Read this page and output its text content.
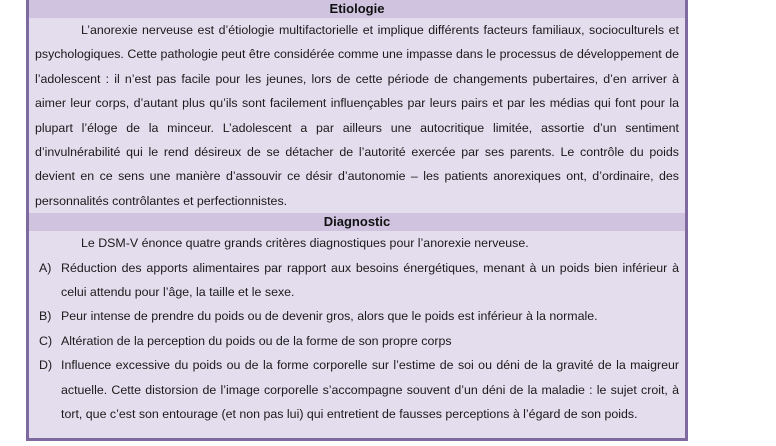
Etiologie

L’anorexie nerveuse est d’étiologie multifactorielle et implique différents facteurs familiaux, socioculturels et psychologiques. Cette pathologie peut être considérée comme une impasse dans le processus de développement de l’adolescent : il n’est pas facile pour les jeunes, lors de cette période de changements pubertaires, d’en arriver à aimer leur corps, d’autant plus qu’ils sont facilement influençables par leurs pairs et par les médias qui font pour la plupart l’éloge de la minceur. L’adolescent a par ailleurs une autocritique limitée, assortie d’un sentiment d’invulnérabilité qui le rend désireux de se détacher de l’autorité exercée par ses parents. Le contrôle du poids devient en ce sens une manière d’assouvir ce désir d’autonomie – les patients anorexiques ont, d’ordinaire, des personnalités contrôlantes et perfectionnistes.

Diagnostic

Le DSM-V énonce quatre grands critères diagnostiques pour l’anorexie nerveuse.

A) Réduction des apports alimentaires par rapport aux besoins énergétiques, menant à un poids bien inférieur à celui attendu pour l’âge, la taille et le sexe.
B) Peur intense de prendre du poids ou de devenir gros, alors que le poids est inférieur à la normale.
C) Altération de la perception du poids ou de la forme de son propre corps
D) Influence excessive du poids ou de la forme corporelle sur l’estime de soi ou déni de la gravité de la maigreur actuelle. Cette distorsion de l’image corporelle s’accompagne souvent d’un déni de la maladie : le sujet croit, à tort, que c’est son entourage (et non pas lui) qui entretient de fausses perceptions à l’égard de son poids.
